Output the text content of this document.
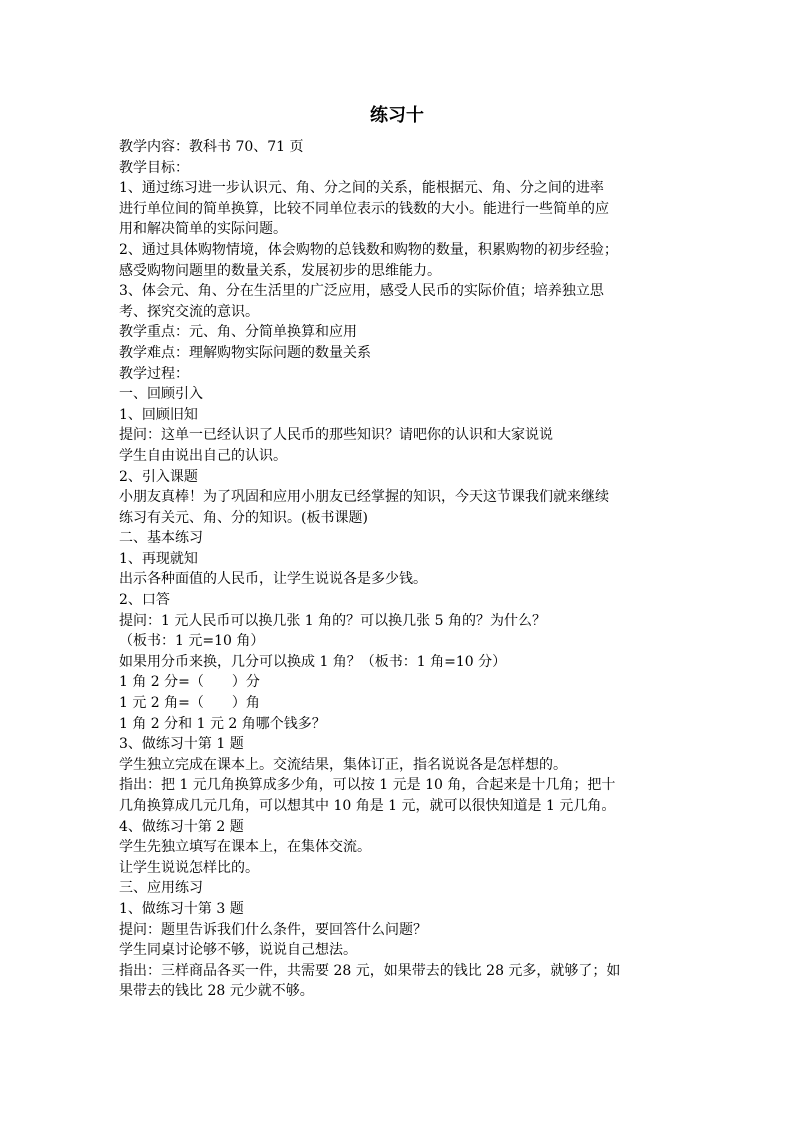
练习十
教学内容：教科书 70、71 页
教学目标：
1、通过练习进一步认识元、角、分之间的关系，能根据元、角、分之间的进率
进行单位间的简单换算，比较不同单位表示的钱数的大小。能进行一些简单的应
用和解决简单的实际问题。
2、通过具体购物情境，体会购物的总钱数和购物的数量，积累购物的初步经验；
感受购物问题里的数量关系，发展初步的思维能力。
3、体会元、角、分在生活里的广泛应用，感受人民币的实际价值；培养独立思
考、探究交流的意识。
教学重点：元、角、分简单换算和应用
教学难点：理解购物实际问题的数量关系
教学过程：
一、回顾引入
1、回顾旧知
提问：这单一已经认识了人民币的那些知识？请吧你的认识和大家说说
学生自由说出自己的认识。
2、引入课题
小朋友真棒！为了巩固和应用小朋友已经掌握的知识，今天这节课我们就来继续
练习有关元、角、分的知识。(板书课题)
二、基本练习
1、再现就知
出示各种面值的人民币，让学生说说各是多少钱。
2、口答
提问：1 元人民币可以换几张 1 角的？可以换几张 5 角的？为什么？
（板书：1 元=10 角）
如果用分币来换，几分可以换成 1 角？（板书：1 角=10 分）
1 角 2 分=（　　）分
1 元 2 角=（　　）角
1 角 2 分和 1 元 2 角哪个钱多？
3、做练习十第 1 题
学生独立完成在课本上。交流结果，集体订正，指名说说各是怎样想的。
指出：把 1 元几角换算成多少角，可以按 1 元是 10 角，合起来是十几角；把十
几角换算成几元几角，可以想其中 10 角是 1 元，就可以很快知道是 1 元几角。
4、做练习十第 2 题
学生先独立填写在课本上，在集体交流。
让学生说说怎样比的。
三、应用练习
1、做练习十第 3 题
提问：题里告诉我们什么条件，要回答什么问题？
学生同桌讨论够不够，说说自己想法。
指出：三样商品各买一件，共需要 28 元，如果带去的钱比 28 元多，就够了；如
果带去的钱比 28 元少就不够。
